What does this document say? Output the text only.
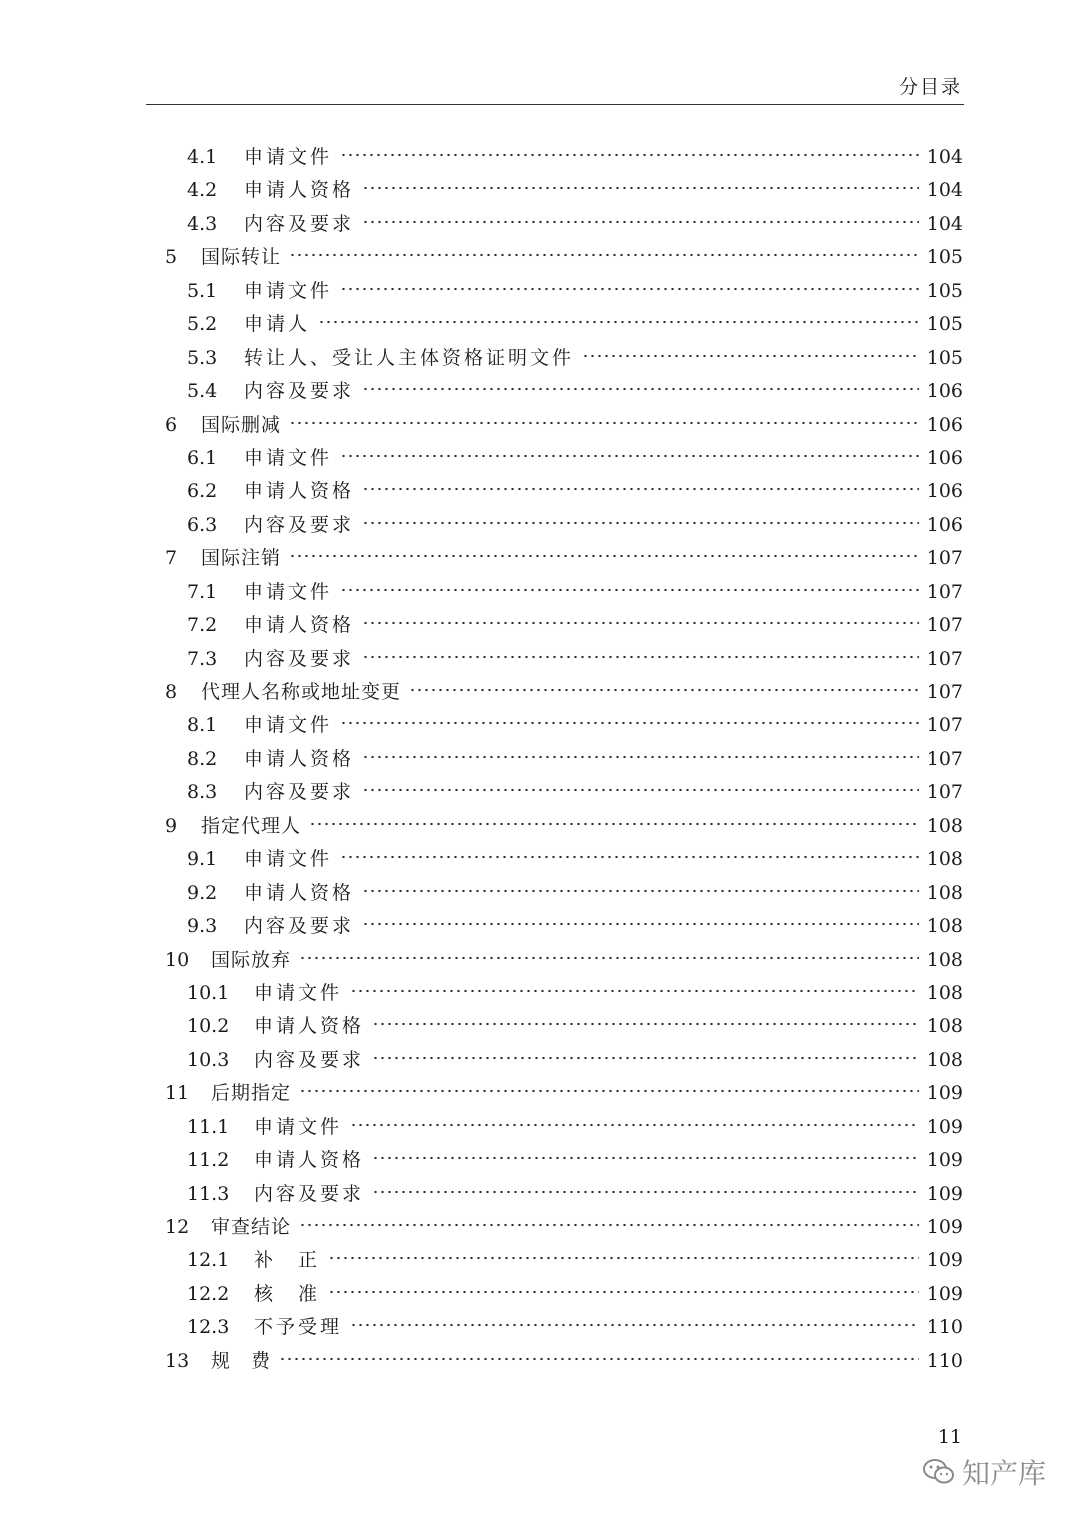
分目录
4.1	申请文件	104
4.2	申请人资格	104
4.3	内容及要求	104
5	国际转让	105
5.1	申请文件	105
5.2	申请人	105
5.3	转让人、受让人主体资格证明文件	105
5.4	内容及要求	106
6	国际删减	106
6.1	申请文件	106
6.2	申请人资格	106
6.3	内容及要求	106
7	国际注销	107
7.1	申请文件	107
7.2	申请人资格	107
7.3	内容及要求	107
8	代理人名称或地址变更	107
8.1	申请文件	107
8.2	申请人资格	107
8.3	内容及要求	107
9	指定代理人	108
9.1	申请文件	108
9.2	申请人资格	108
9.3	内容及要求	108
10	国际放弃	108
10.1	申请文件	108
10.2	申请人资格	108
10.3	内容及要求	108
11	后期指定	109
11.1	申请文件	109
11.2	申请人资格	109
11.3	内容及要求	109
12	审查结论	109
12.1	补　正	109
12.2	核　准	109
12.3	不予受理	110
13	规　费	110
11
知产库
